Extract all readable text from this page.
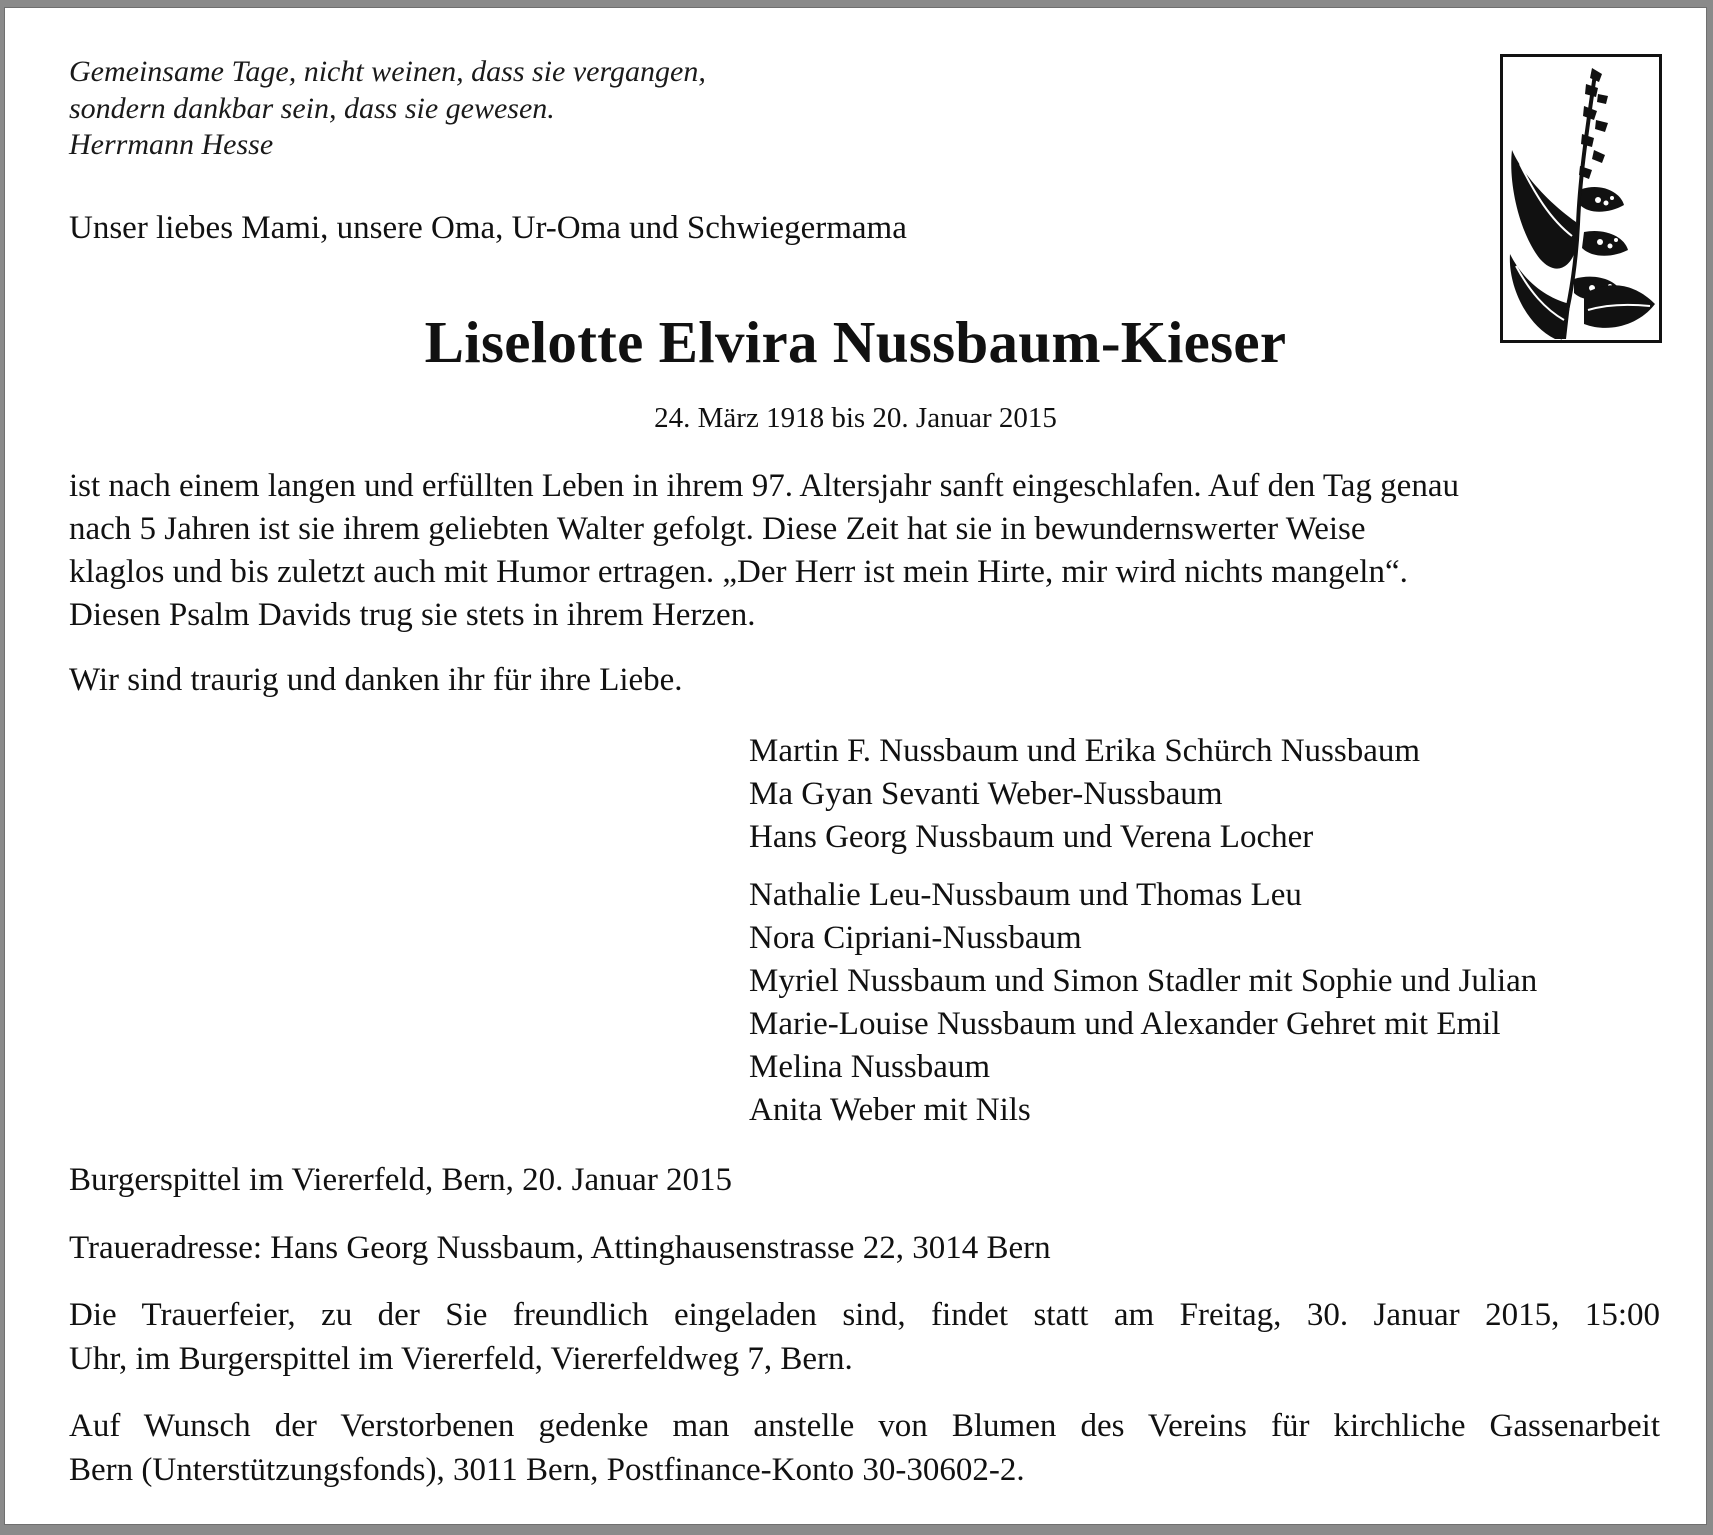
Gemeinsame Tage, nicht weinen, dass sie vergangen,
sondern dankbar sein, dass sie gewesen.
Herrmann Hesse
Unser liebes Mami, unsere Oma, Ur-Oma und Schwiegermama
Liselotte Elvira Nussbaum-Kieser
24. März 1918 bis 20. Januar 2015
ist nach einem langen und erfüllten Leben in ihrem 97. Altersjahr sanft eingeschlafen. Auf den Tag genau
nach 5 Jahren ist sie ihrem geliebten Walter gefolgt. Diese Zeit hat sie in bewundernswerter Weise
klaglos und bis zuletzt auch mit Humor ertragen. „Der Herr ist mein Hirte, mir wird nichts mangeln“.
Diesen Psalm Davids trug sie stets in ihrem Herzen.
Wir sind traurig und danken ihr für ihre Liebe.
Martin F. Nussbaum und Erika Schürch Nussbaum
Ma Gyan Sevanti Weber-Nussbaum
Hans Georg Nussbaum und Verena Locher
Nathalie Leu-Nussbaum und Thomas Leu
Nora Cipriani-Nussbaum
Myriel Nussbaum und Simon Stadler mit Sophie und Julian
Marie-Louise Nussbaum und Alexander Gehret mit Emil
Melina Nussbaum
Anita Weber mit Nils
Burgerspittel im Viererfeld, Bern, 20. Januar 2015
Traueradresse: Hans Georg Nussbaum, Attinghausenstrasse 22, 3014 Bern
Die Trauerfeier, zu der Sie freundlich eingeladen sind, findet statt am Freitag, 30. Januar 2015, 15:00
Uhr, im Burgerspittel im Viererfeld, Viererfeldweg 7, Bern.
Auf Wunsch der Verstorbenen gedenke man anstelle von Blumen des Vereins für kirchliche Gassenarbeit
Bern (Unterstützungsfonds), 3011 Bern, Postfinance-Konto 30-30602-2.
